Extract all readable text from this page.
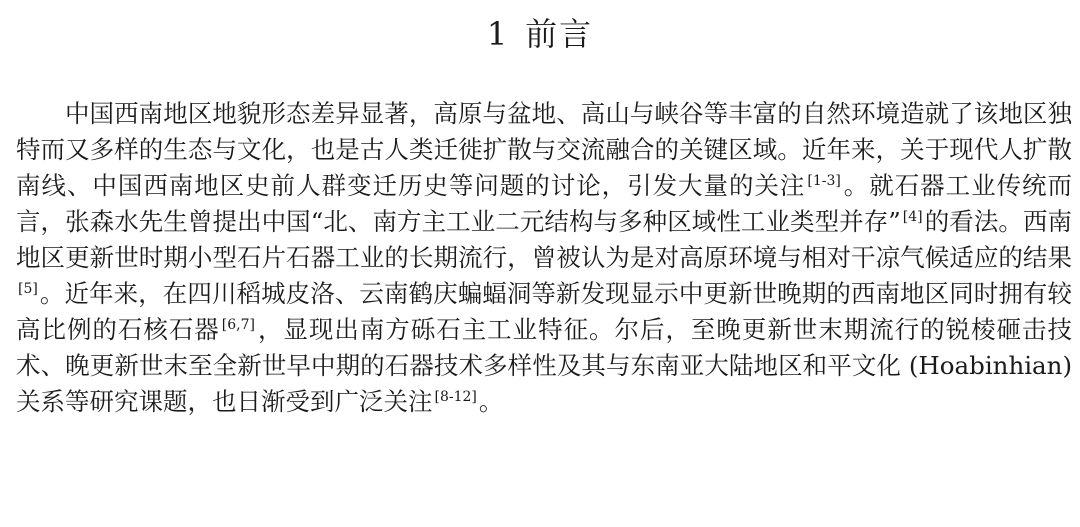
1 前言

中国西南地区地貌形态差异显著，高原与盆地、高山与峡谷等丰富的自然环境造就了该地区独特而又多样的生态与文化，也是古人类迁徙扩散与交流融合的关键区域。近年来，关于现代人扩散南线、中国西南地区史前人群变迁历史等问题的讨论，引发大量的关注 [1-3]。就石器工业传统而言，张森水先生曾提出中国“北、南方主工业二元结构与多种区域性工业类型并存” [4]的看法。西南地区更新世时期小型石片石器工业的长期流行，曾被认为是对高原环境与相对干凉气候适应的结果[5]。近年来，在四川稻城皮洛、云南鹤庆蝙蝠洞等新发现显示中更新世晚期的西南地区同时拥有较高比例的石核石器 [6,7]，显现出南方砾石主工业特征。尔后，至晚更新世末期流行的锐棱砸击技术、晚更新世末至全新世早中期的石器技术多样性及其与东南亚大陆地区和平文化 (Hoabinhian) 关系等研究课题，也日渐受到广泛关注 [8-12]。
